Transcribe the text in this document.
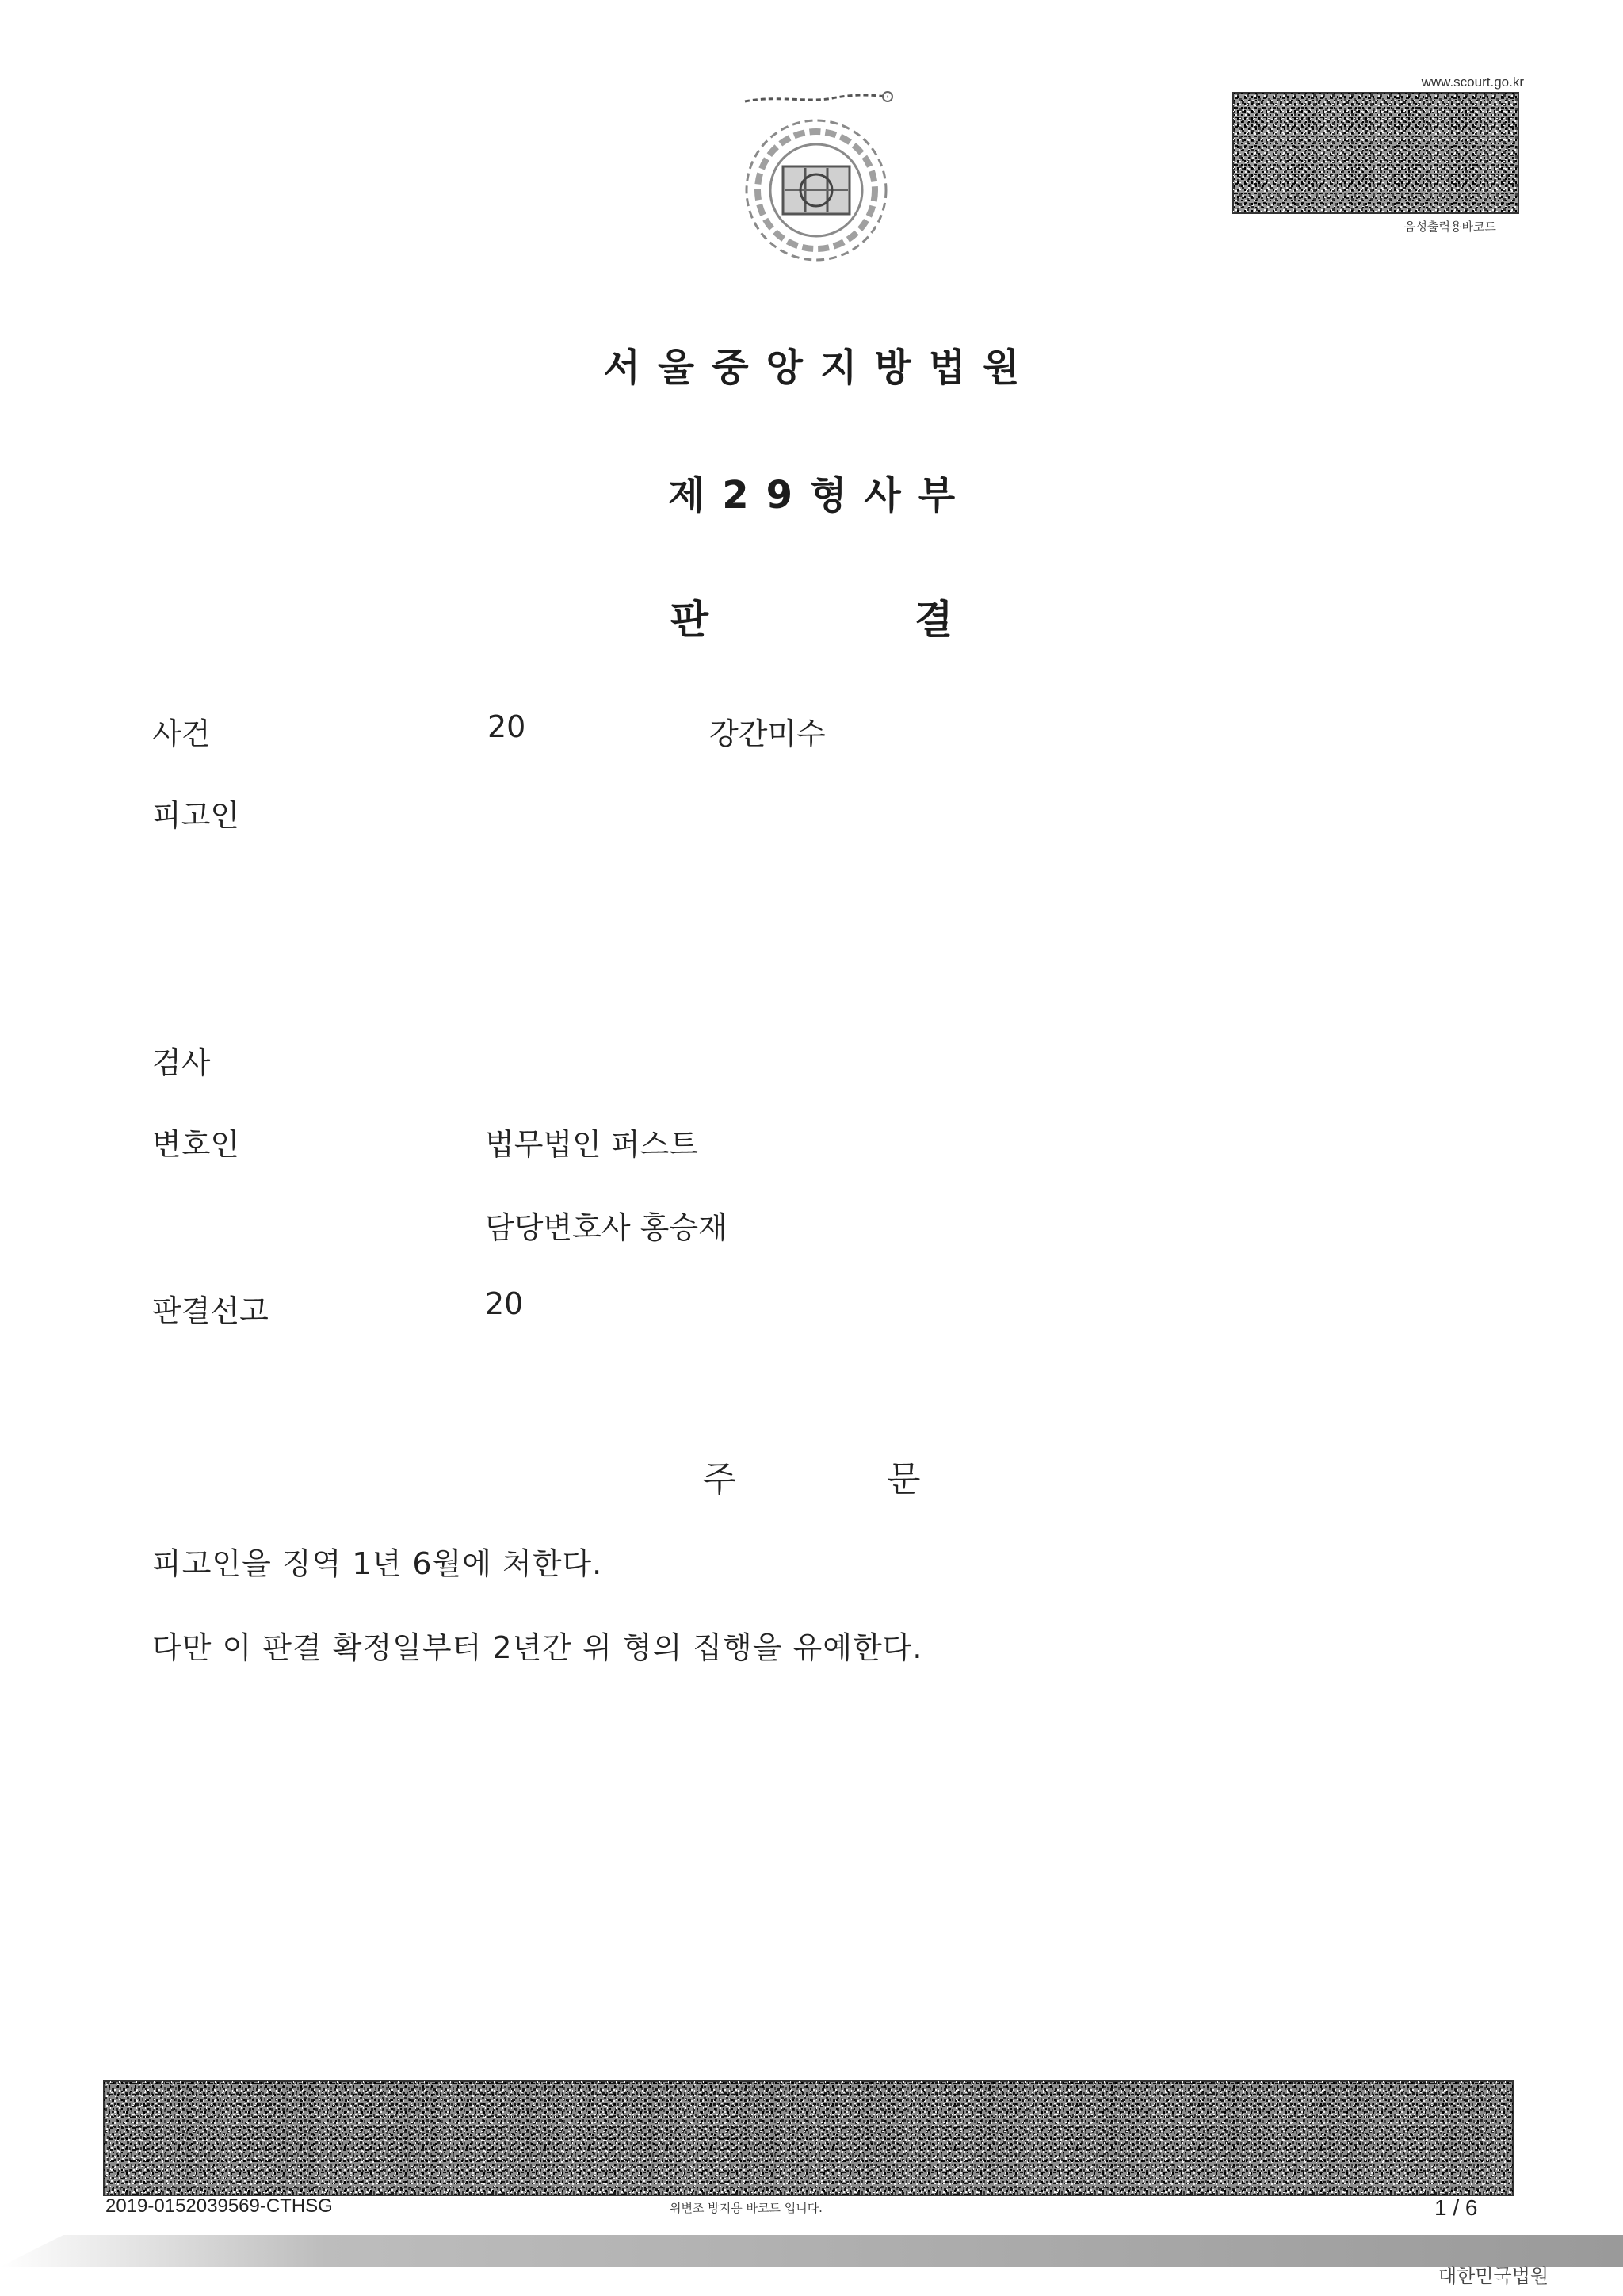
www.scourt.go.kr
음성출력용바코드
서울중앙지방법원
제29형사부
판결
사건	20	강간미수
피고인
검사
변호인	법무법인 퍼스트
담당변호사 홍승재
판결선고	20
주문
피고인을 징역 1년 6월에 처한다.
다만 이 판결 확정일부터 2년간 위 형의 집행을 유예한다.
2019-0152039569-CTHSG	위변조 방지용 바코드 입니다.	1 / 6
대한민국법원
